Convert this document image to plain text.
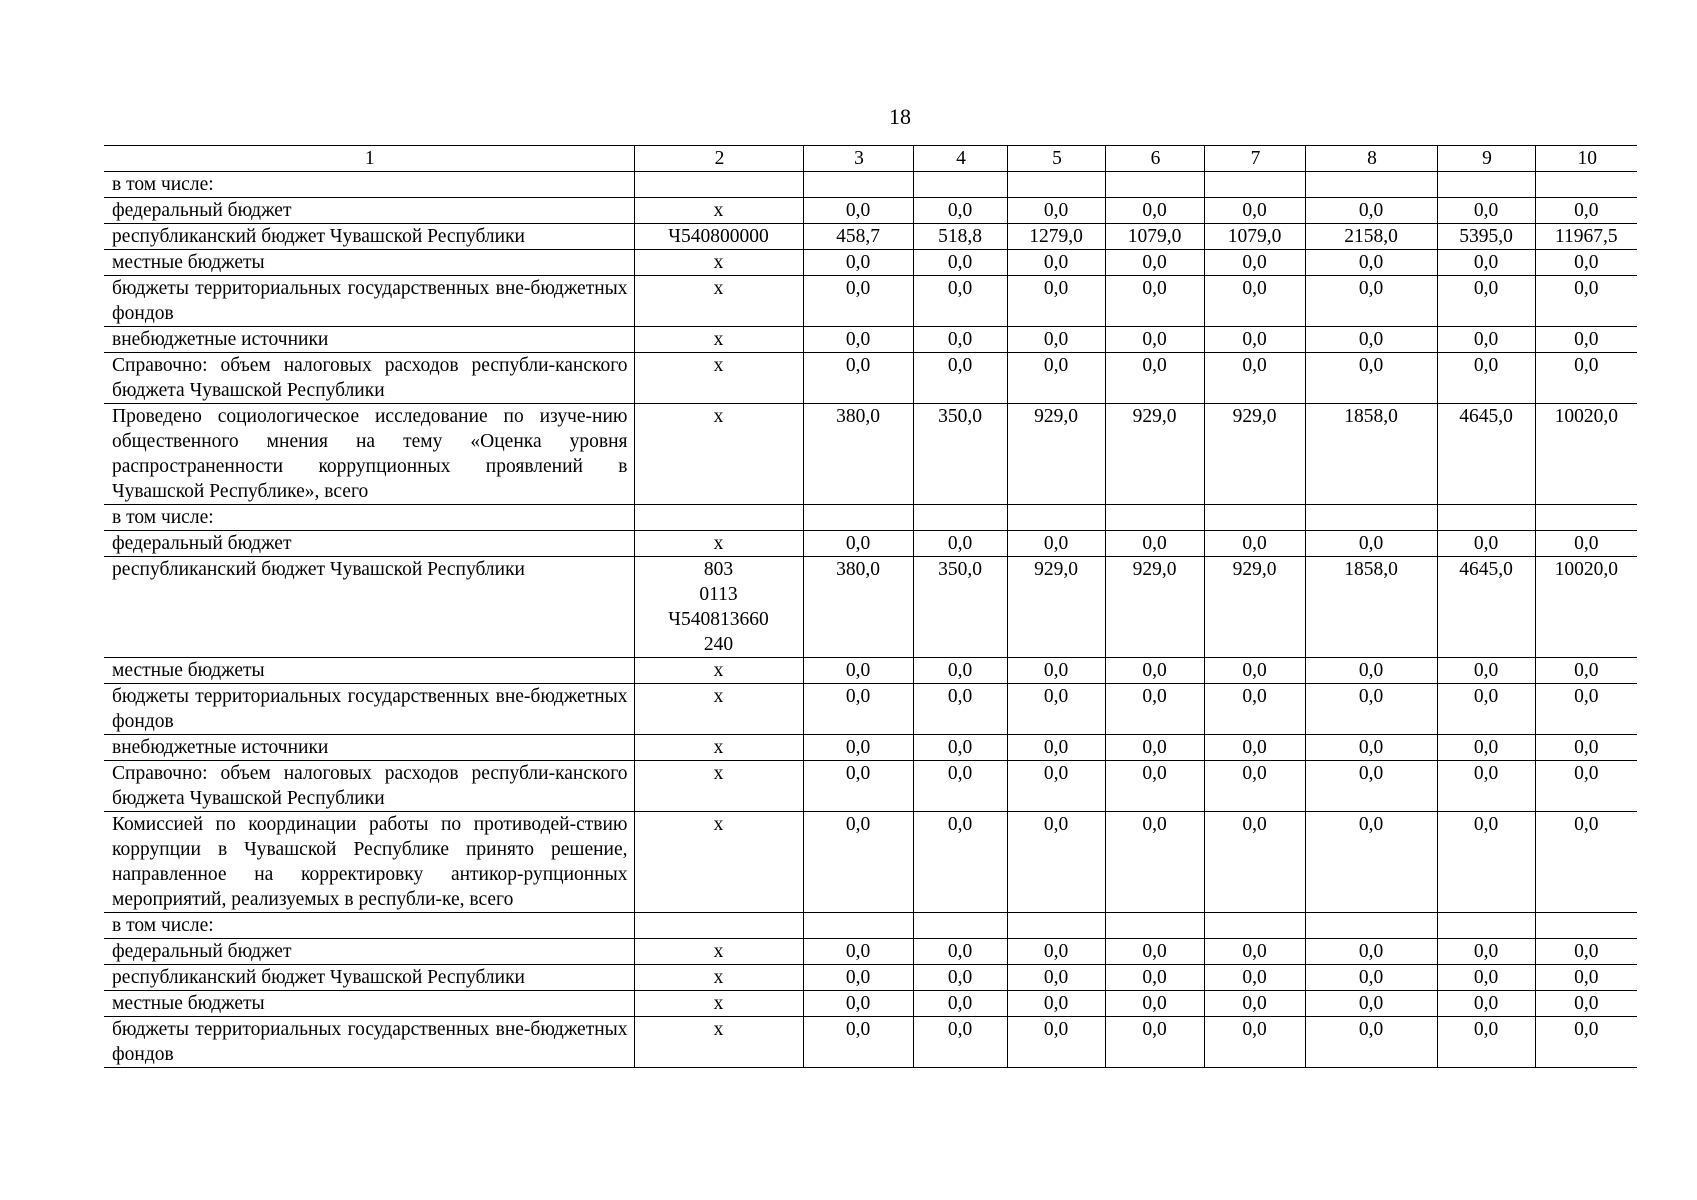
18
1	2	3	4	5	6	7	8	9	10
в том числе:									
федеральный бюджет	х	0,0	0,0	0,0	0,0	0,0	0,0	0,0	0,0
республиканский бюджет Чувашской Республики	Ч540800000	458,7	518,8	1279,0	1079,0	1079,0	2158,0	5395,0	11967,5
местные бюджеты	х	0,0	0,0	0,0	0,0	0,0	0,0	0,0	0,0
бюджеты территориальных государственных вне-бюджетных фондов	х	0,0	0,0	0,0	0,0	0,0	0,0	0,0	0,0
внебюджетные источники	х	0,0	0,0	0,0	0,0	0,0	0,0	0,0	0,0
Справочно: объем налоговых расходов республи-канского бюджета Чувашской Республики	х	0,0	0,0	0,0	0,0	0,0	0,0	0,0	0,0
Проведено социологическое исследование по изуче-нию общественного мнения на тему «Оценка уровня распространенности коррупционных проявлений в Чувашской Республике», всего	х	380,0	350,0	929,0	929,0	929,0	1858,0	4645,0	10020,0
в том числе:									
федеральный бюджет	х	0,0	0,0	0,0	0,0	0,0	0,0	0,0	0,0
республиканский бюджет Чувашской Республики	803
0113
Ч540813660
240	380,0	350,0	929,0	929,0	929,0	1858,0	4645,0	10020,0
местные бюджеты	х	0,0	0,0	0,0	0,0	0,0	0,0	0,0	0,0
бюджеты территориальных государственных вне-бюджетных фондов	х	0,0	0,0	0,0	0,0	0,0	0,0	0,0	0,0
внебюджетные источники	х	0,0	0,0	0,0	0,0	0,0	0,0	0,0	0,0
Справочно: объем налоговых расходов республи-канского бюджета Чувашской Республики	х	0,0	0,0	0,0	0,0	0,0	0,0	0,0	0,0
Комиссией по координации работы по противодей-ствию коррупции в Чувашской Республике принято решение, направленное на корректировку антикор-рупционных мероприятий, реализуемых в республи-ке, всего	х	0,0	0,0	0,0	0,0	0,0	0,0	0,0	0,0
в том числе:									
федеральный бюджет	х	0,0	0,0	0,0	0,0	0,0	0,0	0,0	0,0
республиканский бюджет Чувашской Республики	х	0,0	0,0	0,0	0,0	0,0	0,0	0,0	0,0
местные бюджеты	х	0,0	0,0	0,0	0,0	0,0	0,0	0,0	0,0
бюджеты территориальных государственных вне-бюджетных фондов	х	0,0	0,0	0,0	0,0	0,0	0,0	0,0	0,0
